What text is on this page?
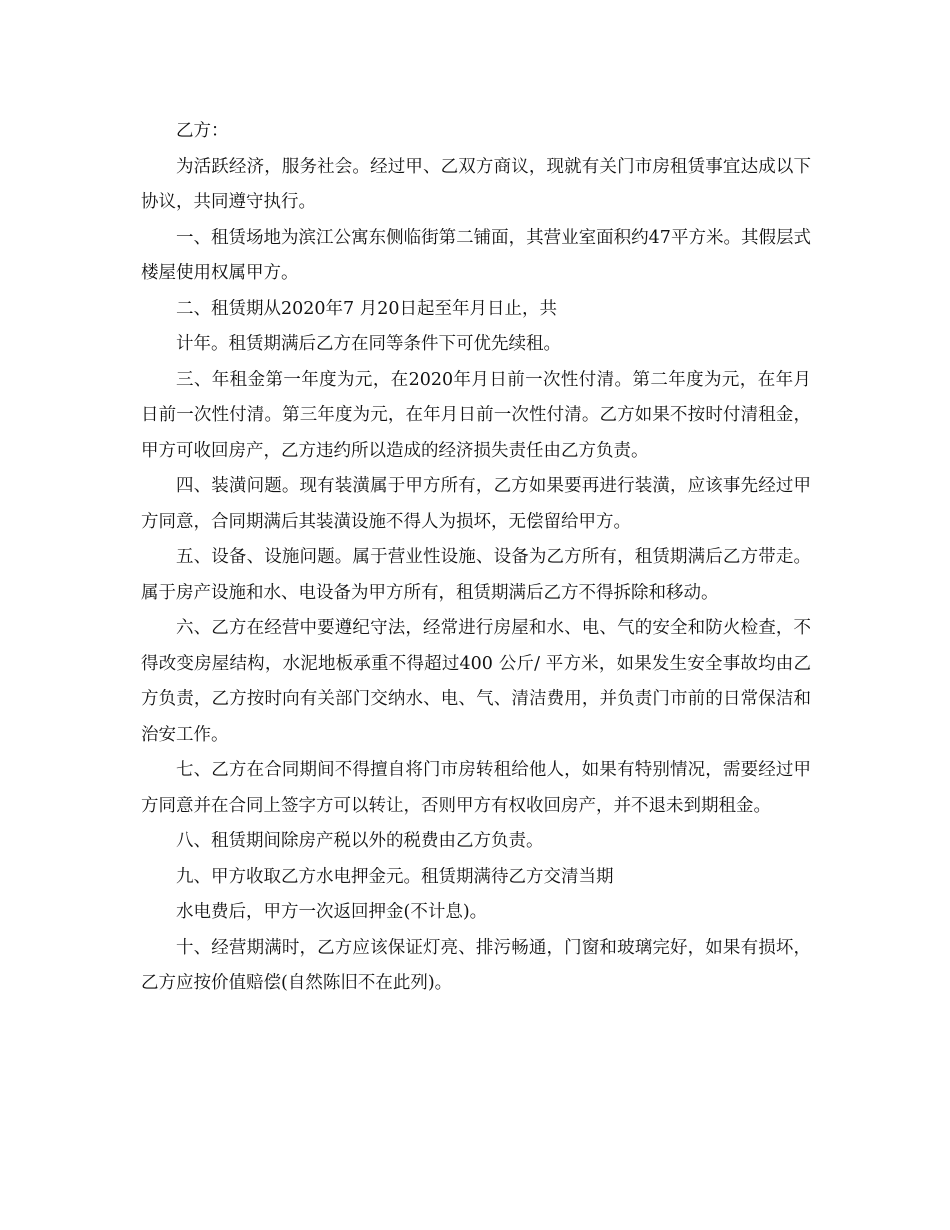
乙方：

为活跃经济，服务社会。经过甲、乙双方商议，现就有关门市房租赁事宜达成以下协议，共同遵守执行。

一、租赁场地为滨江公寓东侧临街第二铺面，其营业室面积约47平方米。其假层式楼屋使用权属甲方。

二、租赁期从2020年7 月20日起至年月日止，共

计年。租赁期满后乙方在同等条件下可优先续租。

三、年租金第一年度为元，在2020年月日前一次性付清。第二年度为元，在年月日前一次性付清。第三年度为元，在年月日前一次性付清。乙方如果不按时付清租金，甲方可收回房产，乙方违约所以造成的经济损失责任由乙方负责。

四、装潢问题。现有装潢属于甲方所有，乙方如果要再进行装潢，应该事先经过甲方同意，合同期满后其装潢设施不得人为损坏，无偿留给甲方。

五、设备、设施问题。属于营业性设施、设备为乙方所有，租赁期满后乙方带走。属于房产设施和水、电设备为甲方所有，租赁期满后乙方不得拆除和移动。

六、乙方在经营中要遵纪守法，经常进行房屋和水、电、气的安全和防火检查，不得改变房屋结构，水泥地板承重不得超过400 公斤/ 平方米，如果发生安全事故均由乙方负责，乙方按时向有关部门交纳水、电、气、清洁费用，并负责门市前的日常保洁和治安工作。

七、乙方在合同期间不得擅自将门市房转租给他人，如果有特别情况，需要经过甲方同意并在合同上签字方可以转让，否则甲方有权收回房产，并不退未到期租金。

八、租赁期间除房产税以外的税费由乙方负责。

九、甲方收取乙方水电押金元。租赁期满待乙方交清当期

水电费后，甲方一次返回押金(不计息)。

十、经营期满时，乙方应该保证灯亮、排污畅通，门窗和玻璃完好，如果有损坏，乙方应按价值赔偿(自然陈旧不在此列)。
